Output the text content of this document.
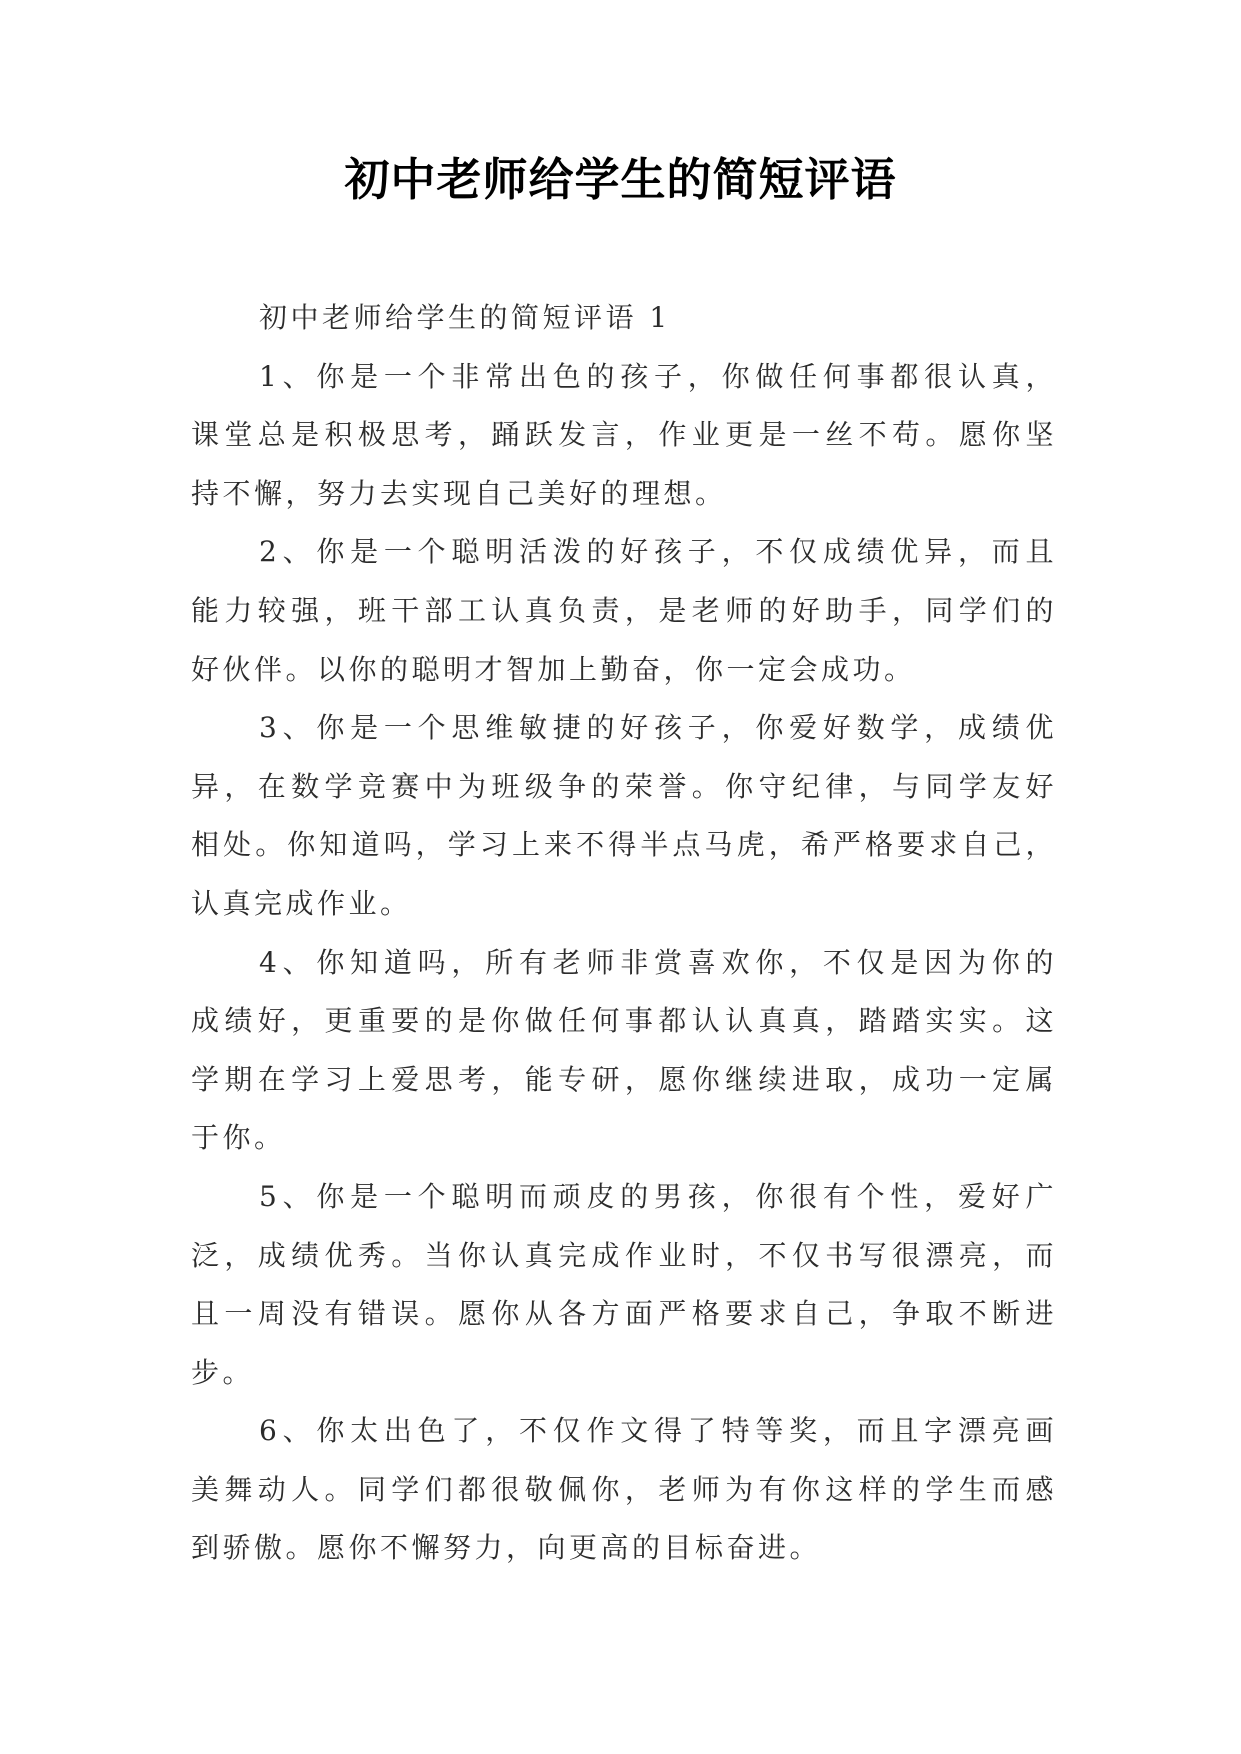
初中老师给学生的简短评语
初中老师给学生的简短评语 1
1、你是一个非常出色的孩子，你做任何事都很认真，
课堂总是积极思考，踊跃发言，作业更是一丝不苟。愿你坚
持不懈，努力去实现自己美好的理想。
2、你是一个聪明活泼的好孩子，不仅成绩优异，而且
能力较强，班干部工认真负责，是老师的好助手，同学们的
好伙伴。以你的聪明才智加上勤奋，你一定会成功。
3、你是一个思维敏捷的好孩子，你爱好数学，成绩优
异，在数学竞赛中为班级争的荣誉。你守纪律，与同学友好
相处。你知道吗，学习上来不得半点马虎，希严格要求自己，
认真完成作业。
4、你知道吗，所有老师非赏喜欢你，不仅是因为你的
成绩好，更重要的是你做任何事都认认真真，踏踏实实。这
学期在学习上爱思考，能专研，愿你继续进取，成功一定属
于你。
5、你是一个聪明而顽皮的男孩，你很有个性，爱好广
泛，成绩优秀。当你认真完成作业时，不仅书写很漂亮，而
且一周没有错误。愿你从各方面严格要求自己，争取不断进
步。
6、你太出色了，不仅作文得了特等奖，而且字漂亮画
美舞动人。同学们都很敬佩你，老师为有你这样的学生而感
到骄傲。愿你不懈努力，向更高的目标奋进。
